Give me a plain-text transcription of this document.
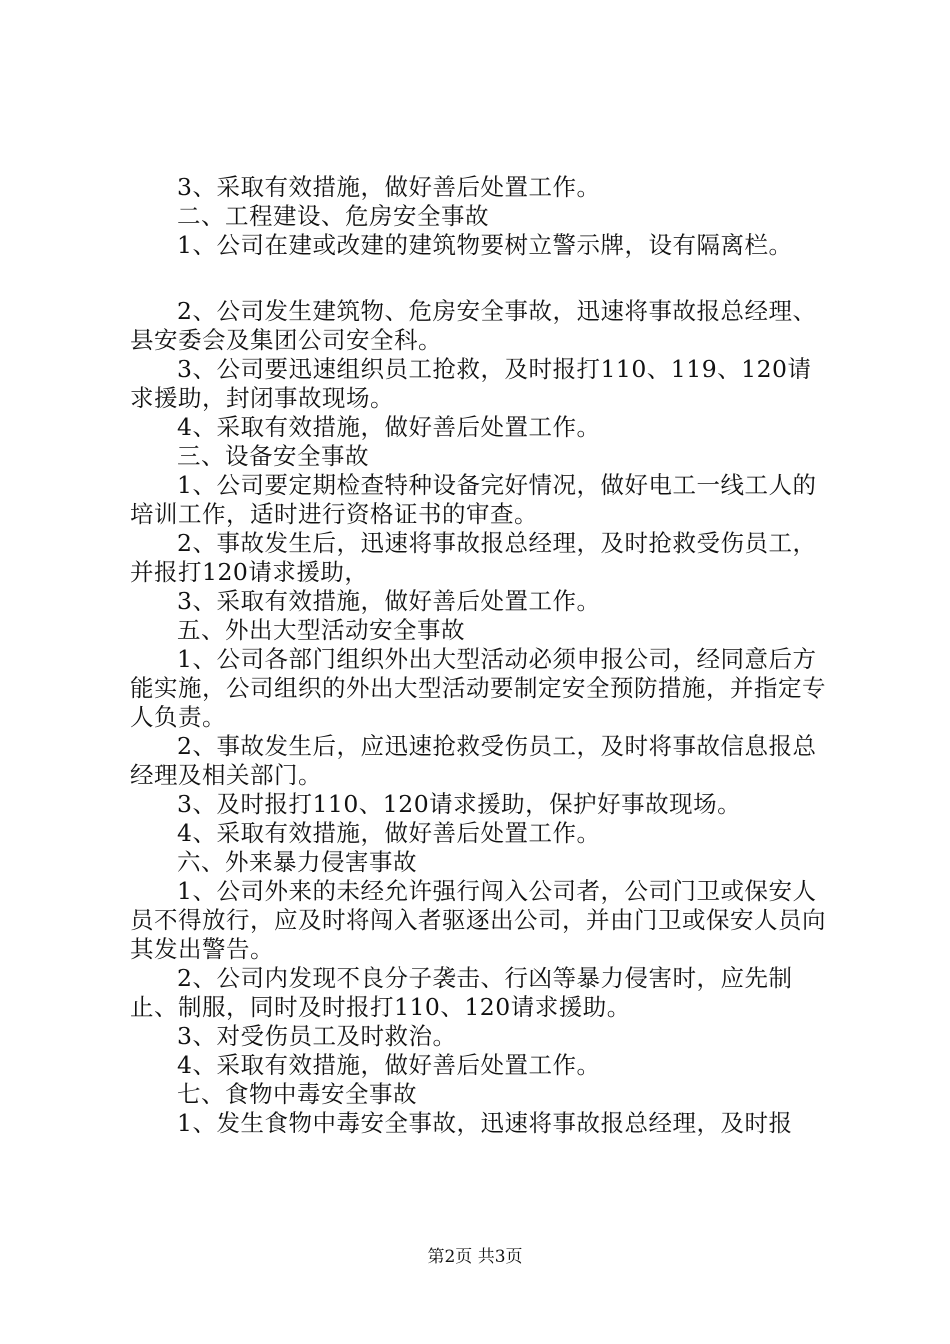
3、采取有效措施，做好善后处置工作。

二、工程建设、危房安全事故

1、公司在建或改建的建筑物要树立警示牌，设有隔离栏。

2、公司发生建筑物、危房安全事故，迅速将事故报总经理、县安委会及集团公司安全科。

3、公司要迅速组织员工抢救，及时报打110、119、120请求援助，封闭事故现场。

4、采取有效措施，做好善后处置工作。

三、设备安全事故

1、公司要定期检查特种设备完好情况，做好电工一线工人的培训工作，适时进行资格证书的审查。

2、事故发生后，迅速将事故报总经理，及时抢救受伤员工，并报打120请求援助，

3、采取有效措施，做好善后处置工作。

五、外出大型活动安全事故

1、公司各部门组织外出大型活动必须申报公司，经同意后方能实施，公司组织的外出大型活动要制定安全预防措施，并指定专人负责。

2、事故发生后，应迅速抢救受伤员工，及时将事故信息报总经理及相关部门。

3、及时报打110、120请求援助，保护好事故现场。

4、采取有效措施，做好善后处置工作。

六、外来暴力侵害事故

1、公司外来的未经允许强行闯入公司者，公司门卫或保安人员不得放行，应及时将闯入者驱逐出公司，并由门卫或保安人员向其发出警告。

2、公司内发现不良分子袭击、行凶等暴力侵害时，应先制止、制服，同时及时报打110、120请求援助。

3、对受伤员工及时救治。

4、采取有效措施，做好善后处置工作。

七、食物中毒安全事故

1、发生食物中毒安全事故，迅速将事故报总经理，及时报

第2页 共3页
